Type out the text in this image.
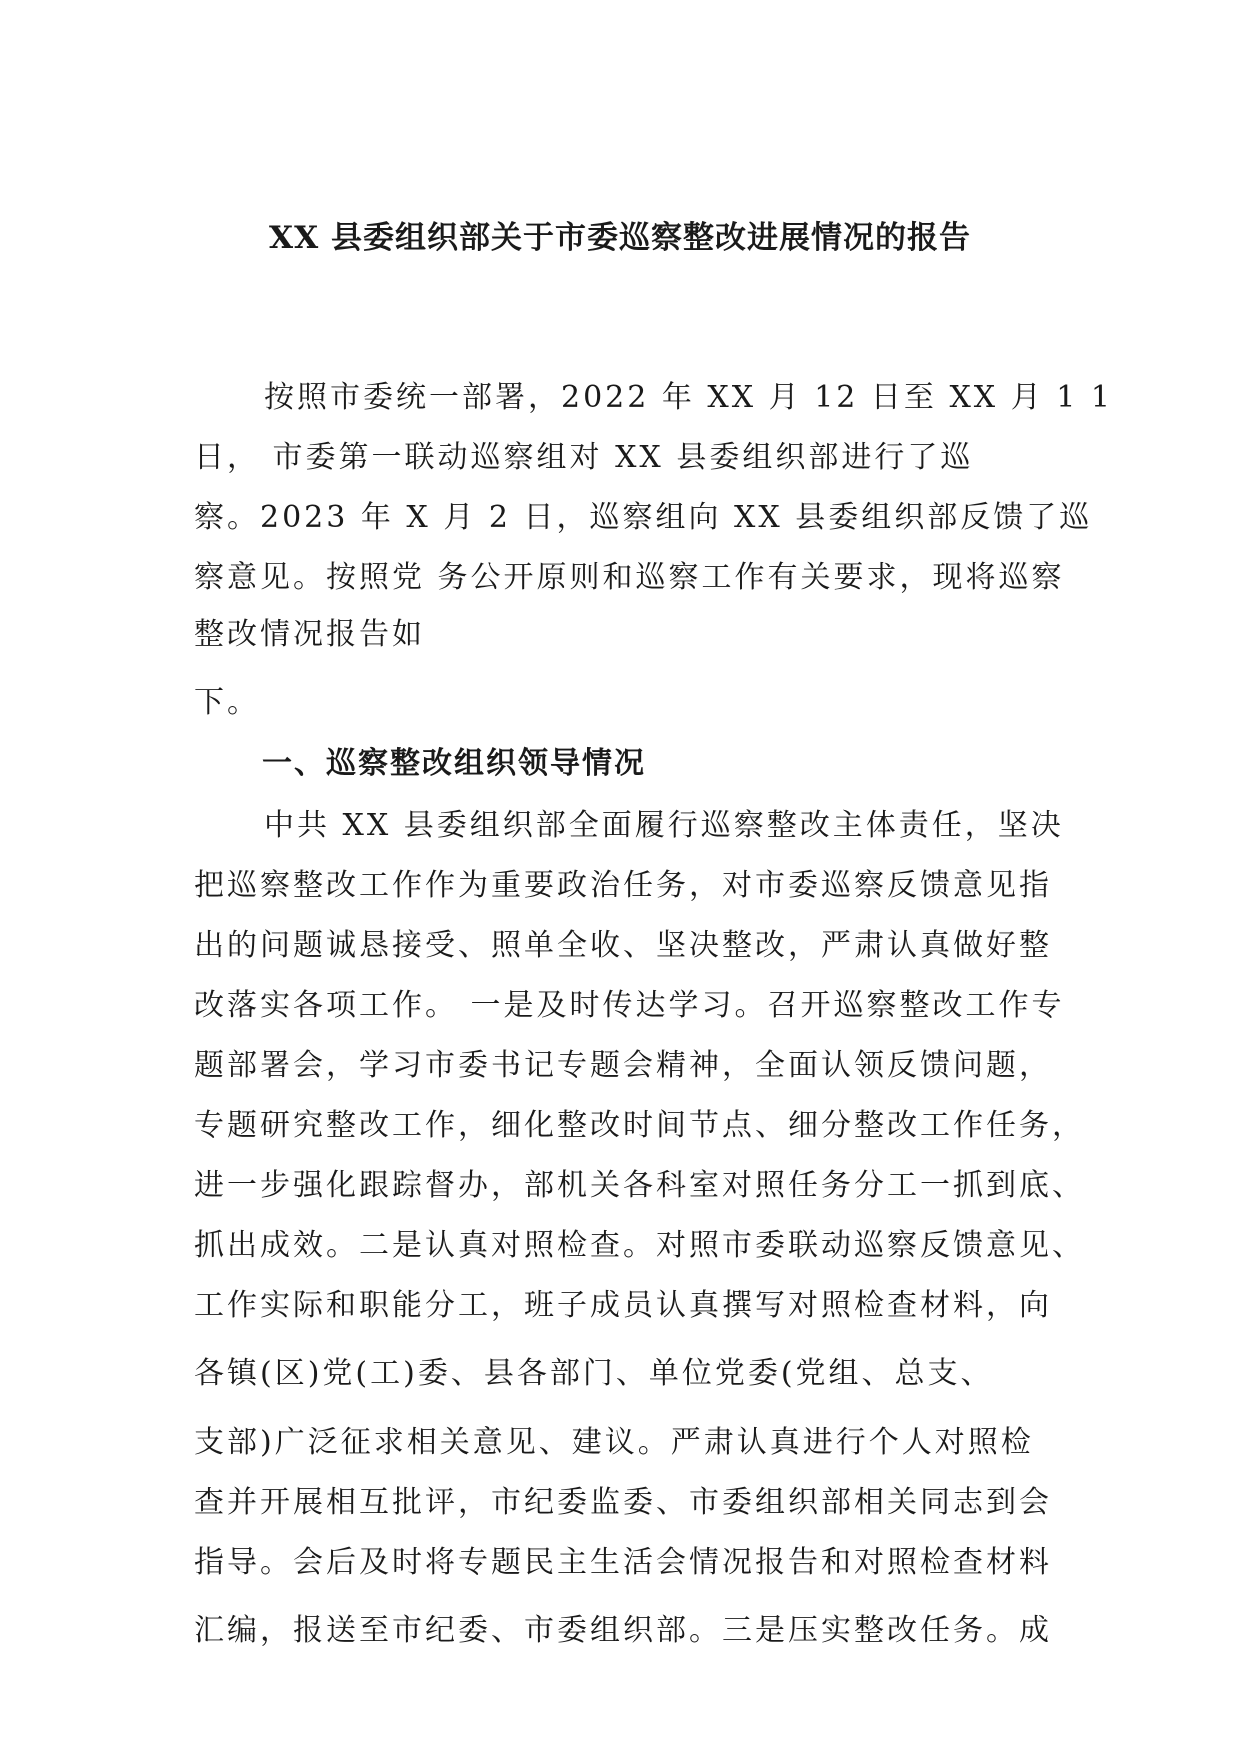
XX 县委组织部关于市委巡察整改进展情况的报告
按照市委统一部署，2022 年 XX 月 12 日至 XX 月 1 1
日， 市委第一联动巡察组对 XX 县委组织部进行了巡
察。2023 年 X 月 2 日，巡察组向 XX 县委组织部反馈了巡
察意见。按照党 务公开原则和巡察工作有关要求，现将巡察
整改情况报告如
下。
一、巡察整改组织领导情况
中共 XX 县委组织部全面履行巡察整改主体责任，坚决
把巡察整改工作作为重要政治任务，对市委巡察反馈意见指
出的问题诚恳接受、照单全收、坚决整改，严肃认真做好整
改落实各项工作。 一是及时传达学习。召开巡察整改工作专
题部署会，学习市委书记专题会精神，全面认领反馈问题，
专题研究整改工作，细化整改时间节点、细分整改工作任务，
进一步强化跟踪督办，部机关各科室对照任务分工一抓到底、
抓出成效。二是认真对照检查。对照市委联动巡察反馈意见、
工作实际和职能分工，班子成员认真撰写对照检查材料，向
各镇(区)党(工)委、县各部门、单位党委(党组、总支、
支部)广泛征求相关意见、建议。严肃认真进行个人对照检
查并开展相互批评，市纪委监委、市委组织部相关同志到会
指导。会后及时将专题民主生活会情况报告和对照检查材料
汇编，报送至市纪委、市委组织部。三是压实整改任务。成
